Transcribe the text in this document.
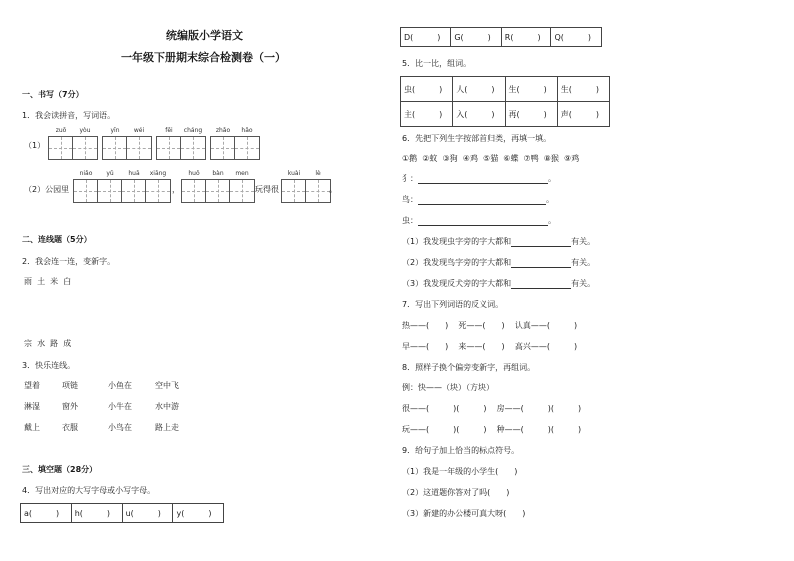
统编版小学语文
一年级下册期末综合检测卷（一）
一、书写（7分）
1．我会读拼音，写词语。
zuō	yòu	yīn	wéi	fēi	cháng	zhǎo	hǎo
（1）
niǎo	yǔ	huā	xiāng	huǒ	bàn	men	kuài	lè
（2）公园里	，	玩得很	。
二、连线题（5分）
2．我会连一连，变新字。
雨  土  米  白
宗  水  路  成
3．快乐连线。
望着	项链	小鱼在	空中飞
淋湿	窗外	小牛在	水中游
戴上	衣服	小鸟在	路上走
三、填空题（28分）
4．写出对应的大写字母或小写字母。
a(　　　)	h(　　　)	u(　　　)	y(　　　)
D(　　　)	G(　　　)	R(　　　)	Q(　　　)
5．比一比，组词。
虫(　　　)	人(　　　)	生(　　　)	生(　　　)
主(　　　)	入(　　　)	再(　　　)	声(　　　)
6．先把下列生字按部首归类，再填一填。
①鹅  ②蚊  ③狗  ④鸡  ⑤猫  ⑥蝶  ⑦鸭  ⑧猴  ⑨鸡
犭：	。
鸟：	。
虫：	。
（1）我发现虫字旁的字大都和	有关。
（2）我发现鸟字旁的字大都和	有关。
（3）我发现反犬旁的字大都和	有关。
7．写出下列词语的反义词。
热——(　　)    死——(　　)    认真——(　　　)
早——(　　)    来——(　　)    高兴——(　　　)
8．照样子换个偏旁变新字，再组词。
例：快——（块）（方块）
很——(　　　)(　　　)    房——(　　　)(　　　)
玩——(　　　)(　　　)    种——(　　　)(　　　)
9．给句子加上恰当的标点符号。
（1）我是一年级的小学生(　　)
（2）这道题你答对了吗(　　)
（3）新建的办公楼可真大呀(　　)
